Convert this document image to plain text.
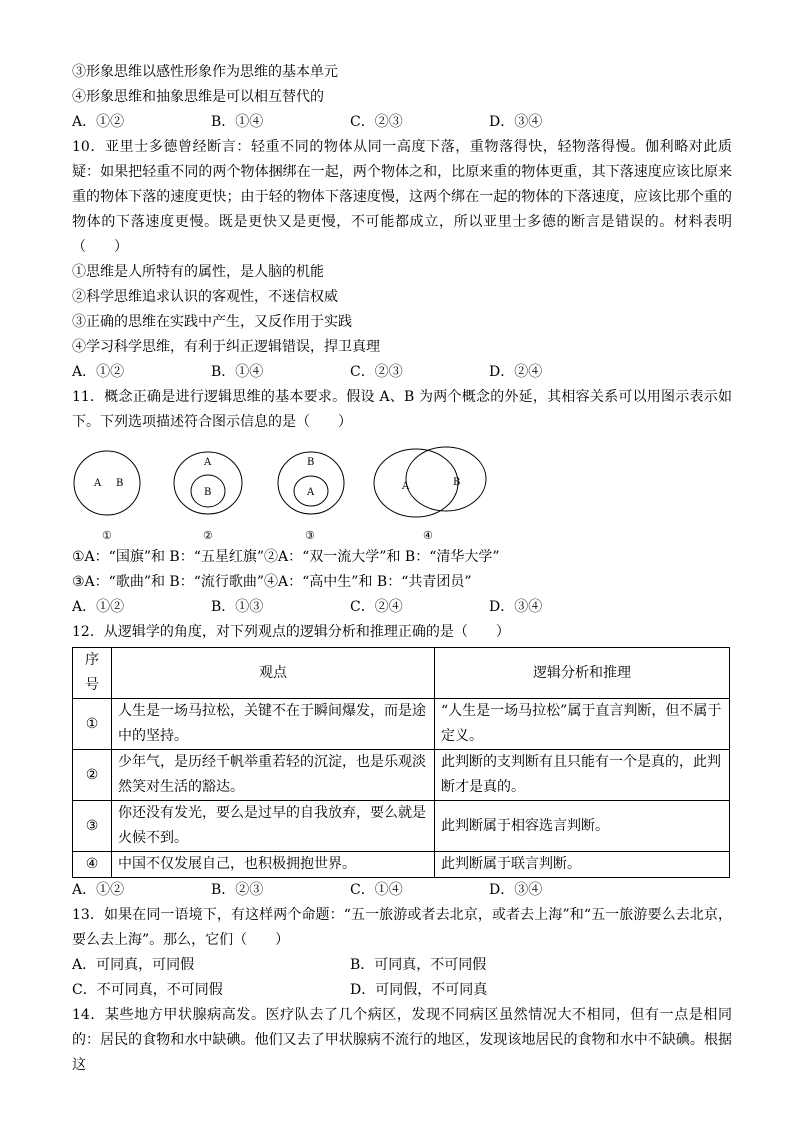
③形象思维以感性形象作为思维的基本单元
④形象思维和抽象思维是可以相互替代的
A．①②	B．①④	C．②③	D．③④
10．亚里士多德曾经断言：轻重不同的物体从同一高度下落，重物落得快，轻物落得慢。伽利略对此质疑：如果把轻重不同的两个物体捆绑在一起，两个物体之和，比原来重的物体更重，其下落速度应该比原来重的物体下落的速度更快；由于轻的物体下落速度慢，这两个绑在一起的物体的下落速度，应该比那个重的物体的下落速度更慢。既是更快又是更慢，不可能都成立，所以亚里士多德的断言是错误的。材料表明（　　）
①思维是人所特有的属性，是人脑的机能
②科学思维追求认识的客观性，不迷信权威
③正确的思维在实践中产生，又反作用于实践
④学习科学思维，有利于纠正逻辑错误，捍卫真理
A．①②	B．①④	C．②③	D．②④
11．概念正确是进行逻辑思维的基本要求。假设 A、B 为两个概念的外延，其相容关系可以用图示表示如下。下列选项描述符合图示信息的是（　　）
A B
①
A
B
②
B
A
③
A	B
④
①A：“国旗”和 B：“五星红旗”②A：“双一流大学”和 B：“清华大学”
③A：“歌曲”和 B：“流行歌曲”④A：“高中生”和 B：“共青团员”
A．①②	B．①③	C．②④	D．③④
12．从逻辑学的角度，对下列观点的逻辑分析和推理正确的是（　　）
序号	观点	逻辑分析和推理
①	人生是一场马拉松，关键不在于瞬间爆发，而是途中的坚持。	“人生是一场马拉松”属于直言判断，但不属于定义。
②	少年气，是历经千帆举重若轻的沉淀，也是乐观淡然笑对生活的豁达。	此判断的支判断有且只能有一个是真的，此判断才是真的。
③	你还没有发光，要么是过早的自我放弃，要么就是火候不到。	此判断属于相容选言判断。
④	中国不仅发展自己，也积极拥抱世界。	此判断属于联言判断。
A．①②	B．②③	C．①④	D．③④
13．如果在同一语境下，有这样两个命题：“五一旅游或者去北京，或者去上海”和“五一旅游要么去北京，要么去上海”。那么，它们（　　）
A．可同真，可同假	B．可同真，不可同假
C．不可同真，不可同假	D．可同假，不可同真
14．某些地方甲状腺病高发。医疗队去了几个病区，发现不同病区虽然情况大不相同，但有一点是相同的：居民的食物和水中缺碘。他们又去了甲状腺病不流行的地区，发现该地居民的食物和水中不缺碘。根据这
